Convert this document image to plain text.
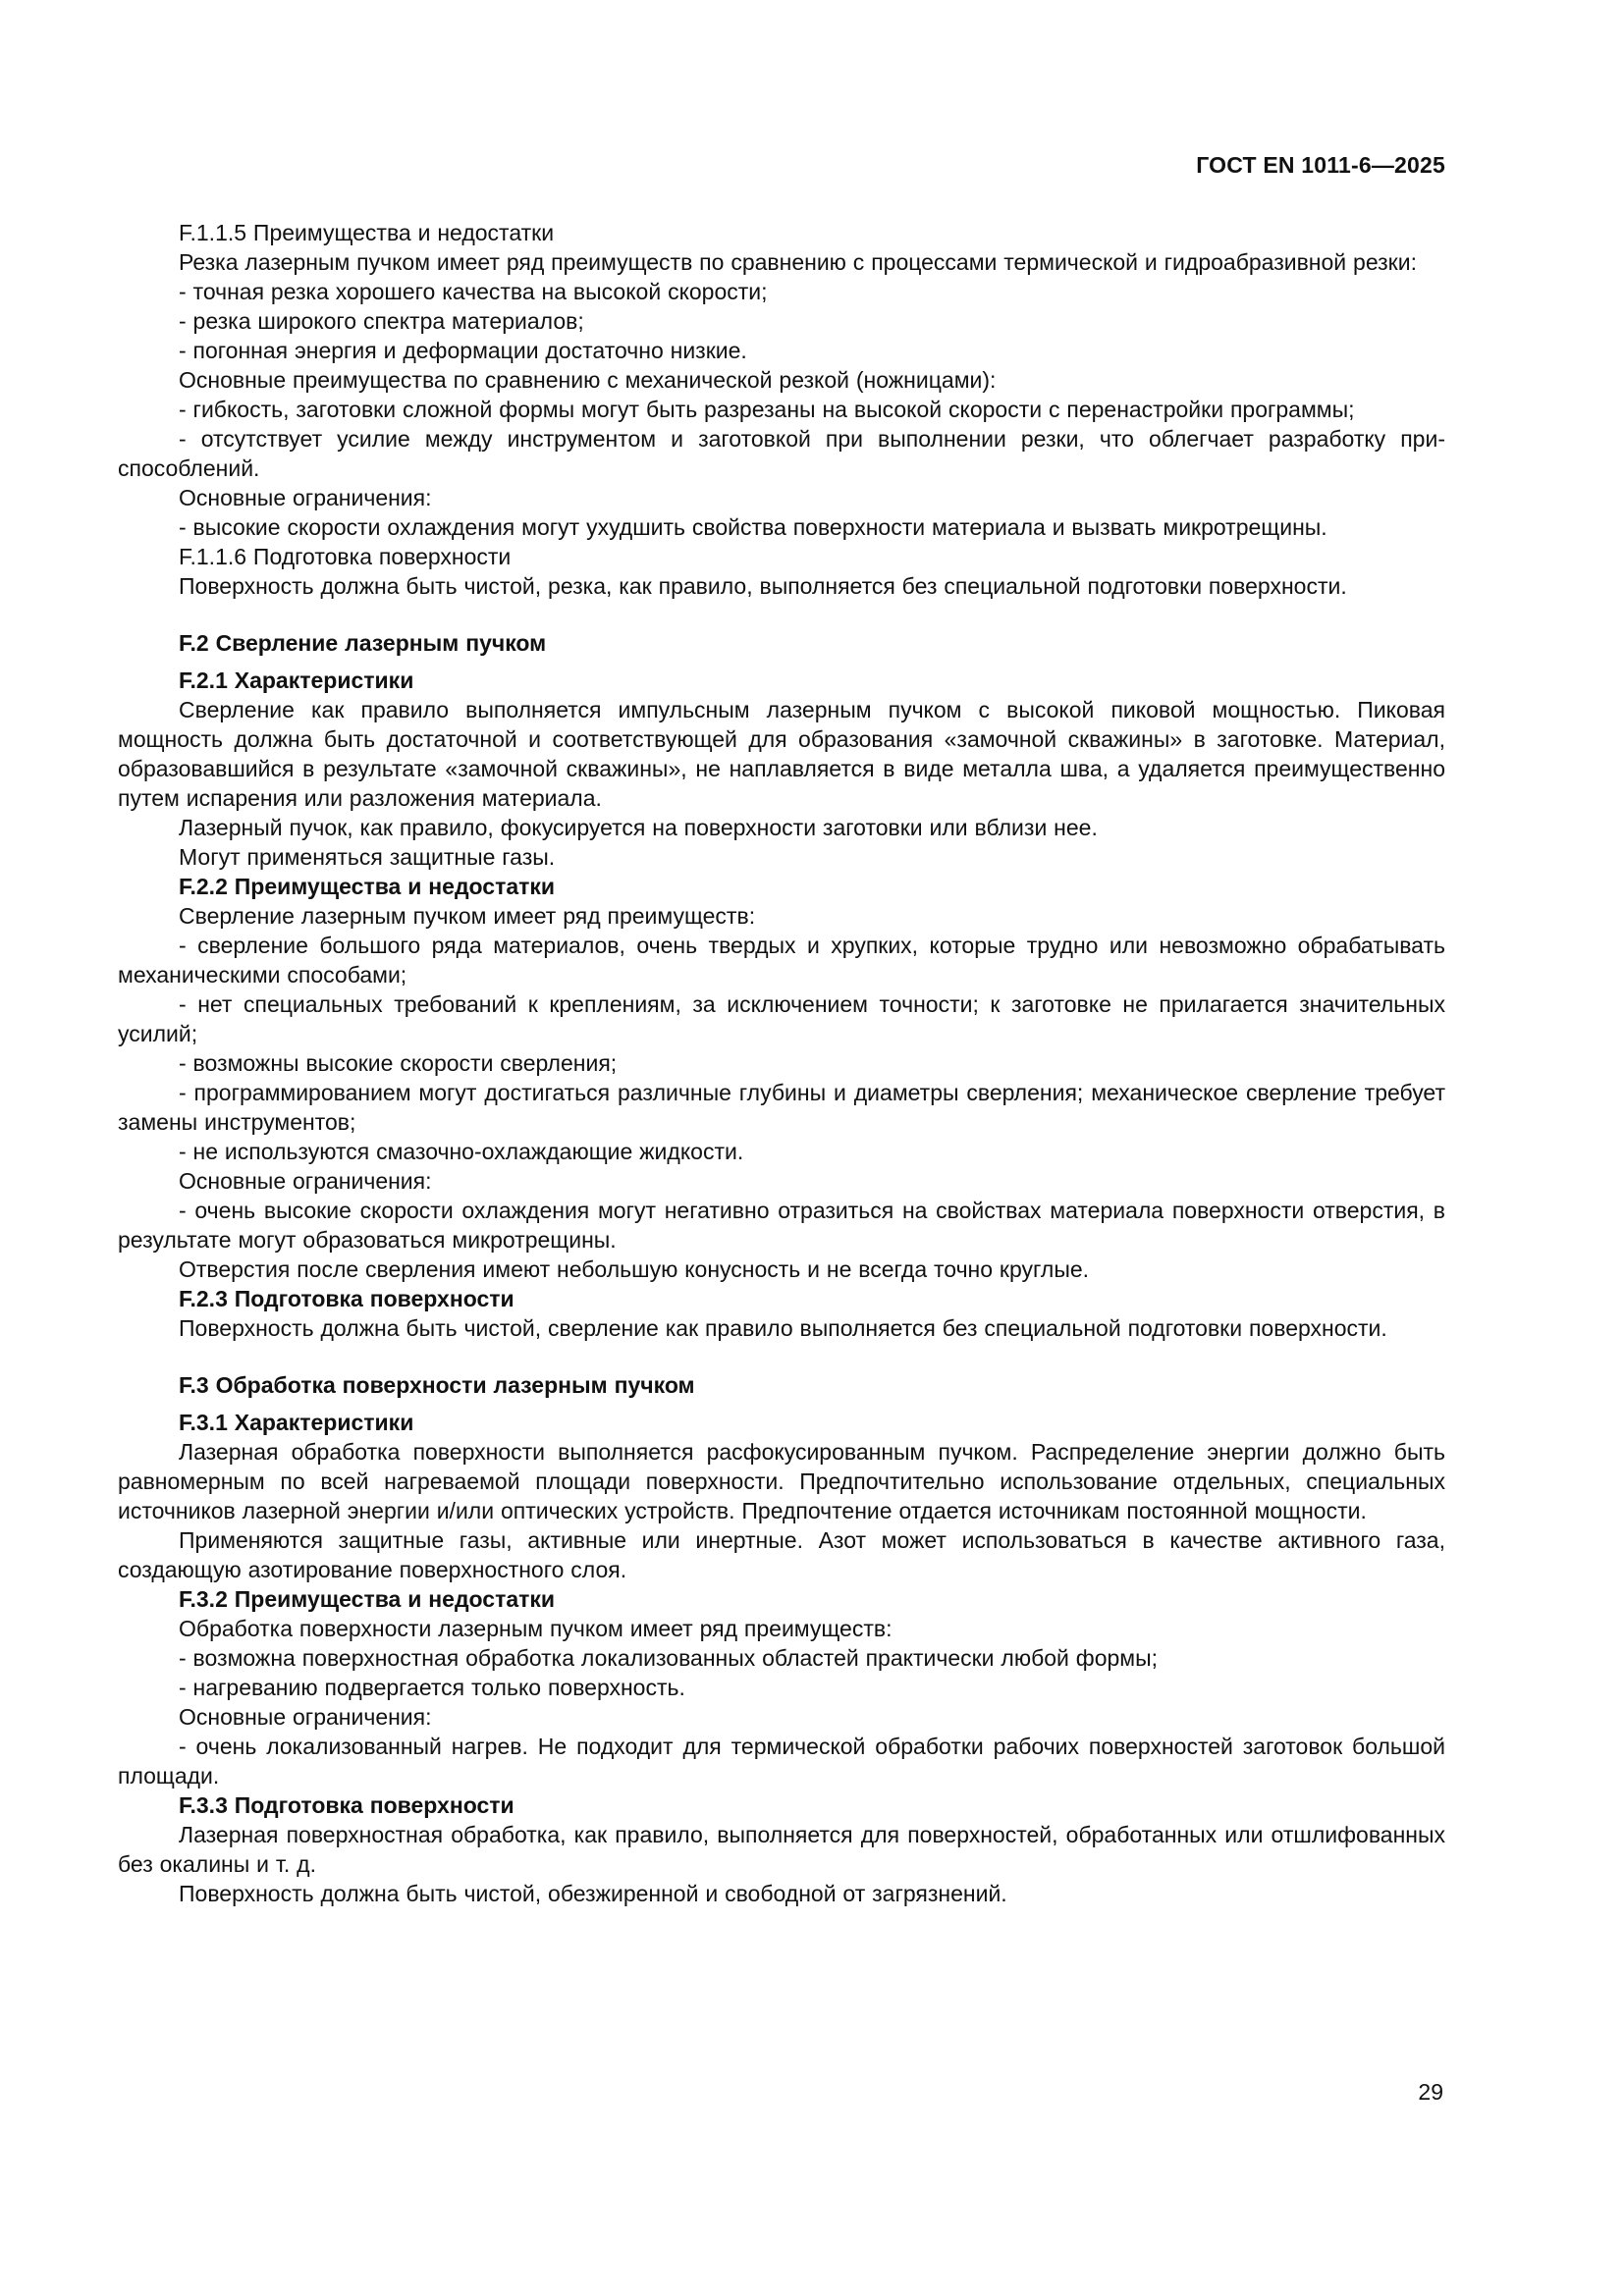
ГОСТ EN 1011-6—2025

F.1.1.5 Преимущества и недостатки

Резка лазерным пучком имеет ряд преимуществ по сравнению с процессами термической и гидроабразивной резки:

- точная резка хорошего качества на высокой скорости;

- резка широкого спектра материалов;

- погонная энергия и деформации достаточно низкие.

Основные преимущества по сравнению с механической резкой (ножницами):

- гибкость, заготовки сложной формы могут быть разрезаны на высокой скорости с перенастройки программы;

- отсутствует усилие между инструментом и заготовкой при выполнении резки, что облегчает разработку приспособлений.

Основные ограничения:

- высокие скорости охлаждения могут ухудшить свойства поверхности материала и вызвать микротрещины.

F.1.1.6 Подготовка поверхности

Поверхность должна быть чистой, резка, как правило, выполняется без специальной подготовки поверхности.

F.2 Сверление лазерным пучком

F.2.1 Характеристики

Сверление как правило выполняется импульсным лазерным пучком с высокой пиковой мощностью. Пиковая мощность должна быть достаточной и соответствующей для образования «замочной скважины» в заготовке. Материал, образовавшийся в результате «замочной скважины», не наплавляется в виде металла шва, а удаляется преимущественно путем испарения или разложения материала.

Лазерный пучок, как правило, фокусируется на поверхности заготовки или вблизи нее.

Могут применяться защитные газы.

F.2.2 Преимущества и недостатки

Сверление лазерным пучком имеет ряд преимуществ:

- сверление большого ряда материалов, очень твердых и хрупких, которые трудно или невозможно обрабатывать механическими способами;

- нет специальных требований к креплениям, за исключением точности; к заготовке не прилагается значительных усилий;

- возможны высокие скорости сверления;

- программированием могут достигаться различные глубины и диаметры сверления; механическое сверление требует замены инструментов;

- не используются смазочно-охлаждающие жидкости.

Основные ограничения:

- очень высокие скорости охлаждения могут негативно отразиться на свойствах материала поверхности отверстия, в результате могут образоваться микротрещины.

Отверстия после сверления имеют небольшую конусность и не всегда точно круглые.

F.2.3 Подготовка поверхности

Поверхность должна быть чистой, сверление как правило выполняется без специальной подготовки поверхности.

F.3 Обработка поверхности лазерным пучком

F.3.1 Характеристики

Лазерная обработка поверхности выполняется расфокусированным пучком. Распределение энергии должно быть равномерным по всей нагреваемой площади поверхности. Предпочтительно использование отдельных, специальных источников лазерной энергии и/или оптических устройств. Предпочтение отдается источникам постоянной мощности.

Применяются защитные газы, активные или инертные. Азот может использоваться в качестве активного газа, создающую азотирование поверхностного слоя.

F.3.2 Преимущества и недостатки

Обработка поверхности лазерным пучком имеет ряд преимуществ:

- возможна поверхностная обработка локализованных областей практически любой формы;

- нагреванию подвергается только поверхность.

Основные ограничения:

- очень локализованный нагрев. Не подходит для термической обработки рабочих поверхностей заготовок большой площади.

F.3.3 Подготовка поверхности

Лазерная поверхностная обработка, как правило, выполняется для поверхностей, обработанных или отшлифованных без окалины и т. д.

Поверхность должна быть чистой, обезжиренной и свободной от загрязнений.

29
